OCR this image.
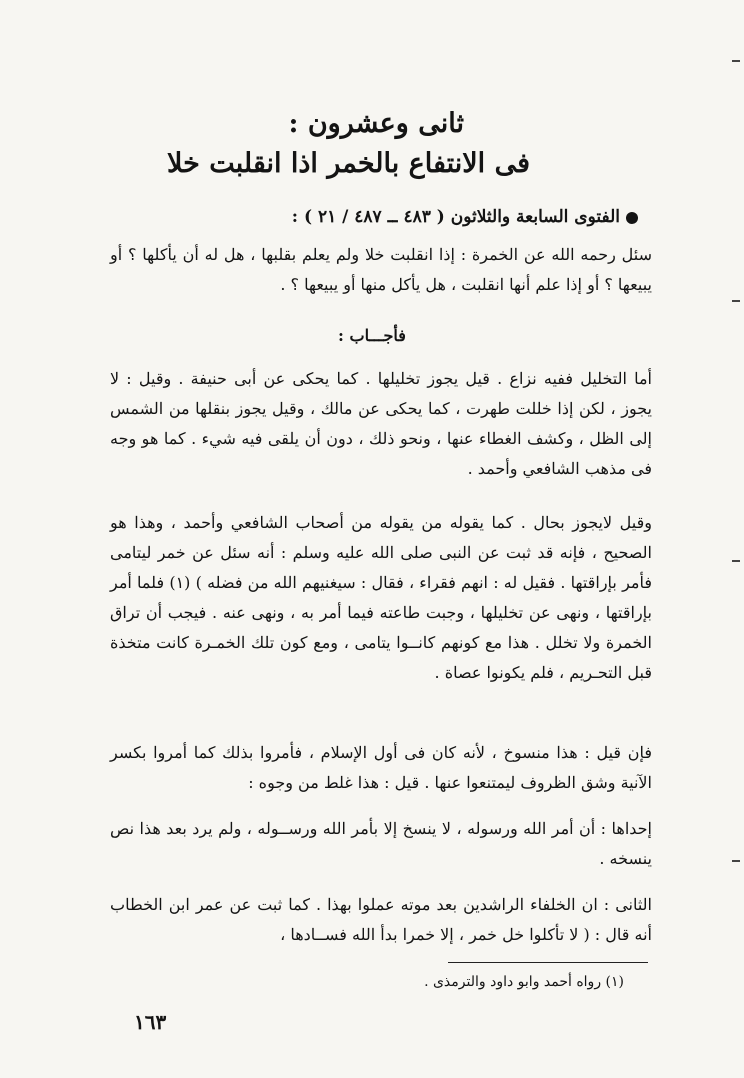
ثانى وعشرون :
فى الانتفاع بالخمر اذا انقلبت خلا
الفتوى السابعة والثلاثون ( ٤٨٣ ــ ٤٨٧ / ٢١ ) :
سئل رحمه الله عن الخمرة : إذا انقلبت خلا ولم يعلم بقلبها ، هل له أن يأكلها ؟ أو يبيعها ؟ أو إذا علم أنها انقلبت ، هل يأكل منها أو يبيعها ؟ .
فأجـــاب :
أما التخليل ففيه نزاع . قيل يجوز تخليلها . كما يحكى عن أبى حنيفة . وقيل : لا يجوز ، لكن إذا خللت طهرت ، كما يحكى عن مالك ، وقيل يجوز بنقلها من الشمس إلى الظل ، وكشف الغطاء عنها ، ونحو ذلك ، دون أن يلقى فيه شيء . كما هو وجه فى مذهب الشافعي وأحمد .
وقيل لايجوز بحال . كما يقوله من يقوله من أصحاب الشافعي وأحمد ، وهذا هو الصحيح ، فإنه قد ثبت عن النبى صلى الله عليه وسلم : أنه سئل عن خمر ليتامى فأمر بإراقتها . فقيل له : انهم فقراء ، فقال : سيغنيهم الله من فضله ) (١) فلما أمر بإراقتها ، ونهى عن تخليلها ، وجبت طاعته فيما أمر به ، ونهى عنه . فيجب أن تراق الخمرة ولا تخلل . هذا مع كونهم كانــوا يتامى ، ومع كون تلك الخمـرة كانت متخذة قبل التحـريم ، فلم يكونوا عصاة .
فإن قيل : هذا منسوخ ، لأنه كان فى أول الإسلام ، فأمروا بذلك كما أمروا بكسر الآنية وشق الظروف ليمتنعوا عنها . قيل : هذا غلط من وجوه :
إحداها : أن أمر الله ورسوله ، لا ينسخ إلا بأمر الله ورســوله ، ولم يرد بعد هذا نص ينسخه .
الثانى : ان الخلفاء الراشدين بعد موته عملوا بهذا . كما ثبت عن عمر ابن الخطاب أنه قال : ( لا تأكلوا خل خمر ، إلا خمرا بدأ الله فســادها ،
(١) رواه أحمد وابو داود والترمذى .
١٦٣
